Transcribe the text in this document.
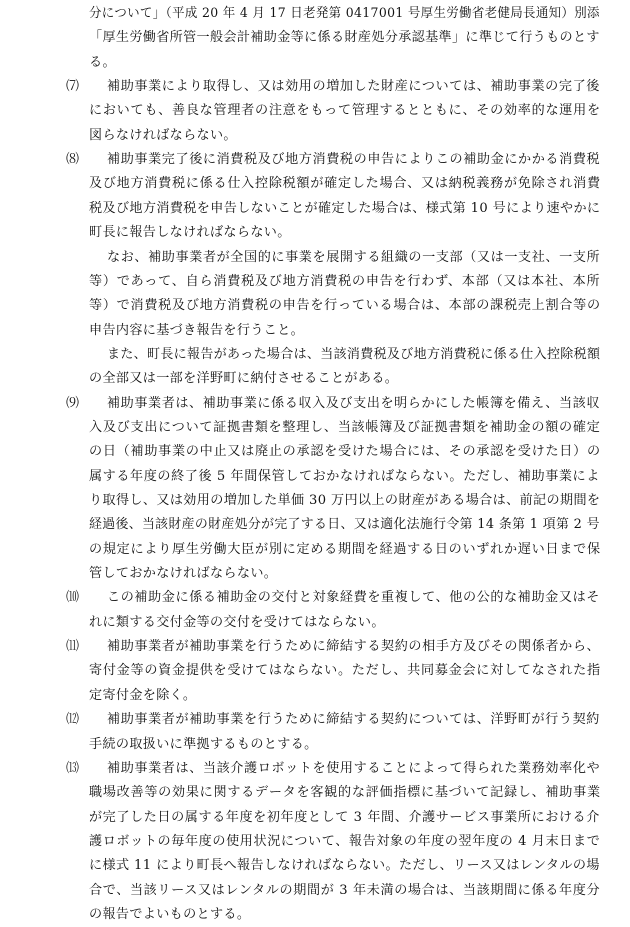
分について」（平成 20 年 4 月 17 日老発第 0417001 号厚生労働省老健局長通知）別添
「厚生労働省所管一般会計補助金等に係る財産処分承認基準」に準じて行うものとす
る。
⑺ 補助事業により取得し、又は効用の増加した財産については、補助事業の完了後
においても、善良な管理者の注意をもって管理するとともに、その効率的な運用を
図らなければならない。
⑻ 補助事業完了後に消費税及び地方消費税の申告によりこの補助金にかかる消費税
及び地方消費税に係る仕入控除税額が確定した場合、又は納税義務が免除され消費
税及び地方消費税を申告しないことが確定した場合は、様式第 10 号により速やかに
町長に報告しなければならない。
なお、補助事業者が全国的に事業を展開する組織の一支部（又は一支社、一支所
等）であって、自ら消費税及び地方消費税の申告を行わず、本部（又は本社、本所
等）で消費税及び地方消費税の申告を行っている場合は、本部の課税売上割合等の
申告内容に基づき報告を行うこと。
また、町長に報告があった場合は、当該消費税及び地方消費税に係る仕入控除税額
の全部又は一部を洋野町に納付させることがある。
⑼ 補助事業者は、補助事業に係る収入及び支出を明らかにした帳簿を備え、当該収
入及び支出について証拠書類を整理し、当該帳簿及び証拠書類を補助金の額の確定
の日（補助事業の中止又は廃止の承認を受けた場合には、その承認を受けた日）の
属する年度の終了後 5 年間保管しておかなければならない。ただし、補助事業によ
り取得し、又は効用の増加した単価 30 万円以上の財産がある場合は、前記の期間を
経過後、当該財産の財産処分が完了する日、又は適化法施行令第 14 条第 1 項第 2 号
の規定により厚生労働大臣が別に定める期間を経過する日のいずれか遅い日まで保
管しておかなければならない。
⑽ この補助金に係る補助金の交付と対象経費を重複して、他の公的な補助金又はそ
れに類する交付金等の交付を受けてはならない。
⑾ 補助事業者が補助事業を行うために締結する契約の相手方及びその関係者から、
寄付金等の資金提供を受けてはならない。ただし、共同募金会に対してなされた指
定寄付金を除く。
⑿ 補助事業者が補助事業を行うために締結する契約については、洋野町が行う契約
手続の取扱いに準拠するものとする。
⒀ 補助事業者は、当該介護ロボットを使用することによって得られた業務効率化や
職場改善等の効果に関するデータを客観的な評価指標に基づいて記録し、補助事業
が完了した日の属する年度を初年度として 3 年間、介護サービス事業所における介
護ロボットの毎年度の使用状況について、報告対象の年度の翌年度の 4 月末日まで
に様式 11 により町長へ報告しなければならない。ただし、リース又はレンタルの場
合で、当該リース又はレンタルの期間が 3 年未満の場合は、当該期間に係る年度分
の報告でよいものとする。
